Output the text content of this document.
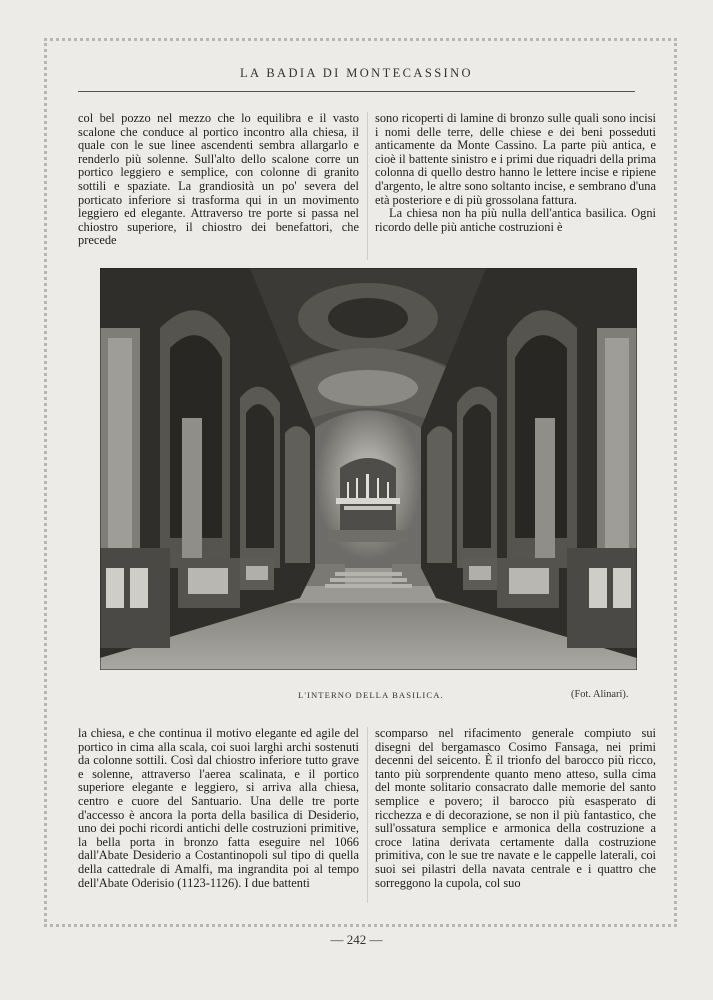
LA BADIA DI MONTECASSINO

col bel pozzo nel mezzo che lo equilibra e il vasto scalone che conduce al portico incontro alla chiesa, il quale con le sue linee ascendenti sembra allargarlo e renderlo più solenne. Sull'alto dello scalone corre un portico leggiero e semplice, con colonne di granito sottili e spaziate. La grandiosità un po' severa del porticato inferiore si trasforma qui in un movimento leggiero ed elegante. Attraverso tre porte si passa nel chiostro superiore, il chiostro dei benefattori, che precede

sono ricoperti di lamine di bronzo sulle quali sono incisi i nomi delle terre, delle chiese e dei beni posseduti anticamente da Monte Cassino. La parte più antica, e cioè il battente sinistro e i primi due riquadri della prima colonna di quello destro hanno le lettere incise e ripiene d'argento, le altre sono soltanto incise, e sembrano d'una età posteriore e di più grossolana fattura.

La chiesa non ha più nulla dell'antica basilica. Ogni ricordo delle più antiche costruzioni è

L'INTERNO DELLA BASILICA.	(Fot. Alinari).

la chiesa, e che continua il motivo elegante ed agile del portico in cima alla scala, coi suoi larghi archi sostenuti da colonne sottili. Così dal chiostro inferiore tutto grave e solenne, attraverso l'aerea scalinata, e il portico superiore elegante e leggiero, si arriva alla chiesa, centro e cuore del Santuario. Una delle tre porte d'accesso è ancora la porta della basilica di Desiderio, uno dei pochi ricordi antichi delle costruzioni primitive, la bella porta in bronzo fatta eseguire nel 1066 dall'Abate Desiderio a Costantinopoli sul tipo di quella della cattedrale di Amalfi, ma ingrandita poi al tempo dell'Abate Oderisio (1123-1126). I due battenti

scomparso nel rifacimento generale compiuto sui disegni del bergamasco Cosimo Fansaga, nei primi decenni del seicento. È il trionfo del barocco più ricco, tanto più sorprendente quanto meno atteso, sulla cima del monte solitario consacrato dalle memorie del santo semplice e povero; il barocco più esasperato di ricchezza e di decorazione, se non il più fantastico, che sull'ossatura semplice e armonica della costruzione a croce latina derivata certamente dalla costruzione primitiva, con le sue tre navate e le cappelle laterali, coi suoi sei pilastri della navata centrale e i quattro che sorreggono la cupola, col suo

— 242 —
